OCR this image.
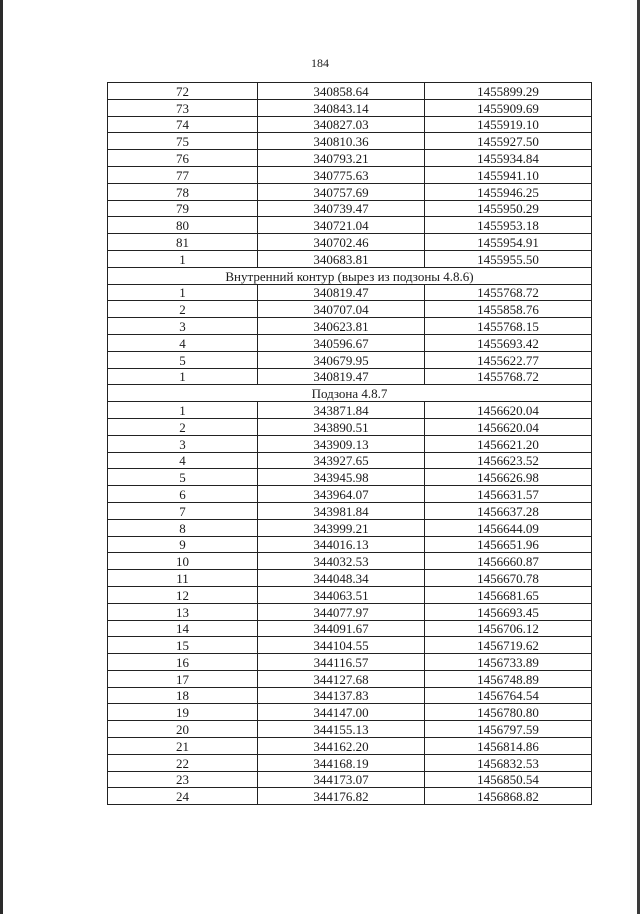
184
72	340858.64	1455899.29
73	340843.14	1455909.69
74	340827.03	1455919.10
75	340810.36	1455927.50
76	340793.21	1455934.84
77	340775.63	1455941.10
78	340757.69	1455946.25
79	340739.47	1455950.29
80	340721.04	1455953.18
81	340702.46	1455954.91
1	340683.81	1455955.50
Внутренний контур (вырез из подзоны 4.8.6)		
1	340819.47	1455768.72
2	340707.04	1455858.76
3	340623.81	1455768.15
4	340596.67	1455693.42
5	340679.95	1455622.77
1	340819.47	1455768.72
Подзона 4.8.7		
1	343871.84	1456620.04
2	343890.51	1456620.04
3	343909.13	1456621.20
4	343927.65	1456623.52
5	343945.98	1456626.98
6	343964.07	1456631.57
7	343981.84	1456637.28
8	343999.21	1456644.09
9	344016.13	1456651.96
10	344032.53	1456660.87
11	344048.34	1456670.78
12	344063.51	1456681.65
13	344077.97	1456693.45
14	344091.67	1456706.12
15	344104.55	1456719.62
16	344116.57	1456733.89
17	344127.68	1456748.89
18	344137.83	1456764.54
19	344147.00	1456780.80
20	344155.13	1456797.59
21	344162.20	1456814.86
22	344168.19	1456832.53
23	344173.07	1456850.54
24	344176.82	1456868.82
